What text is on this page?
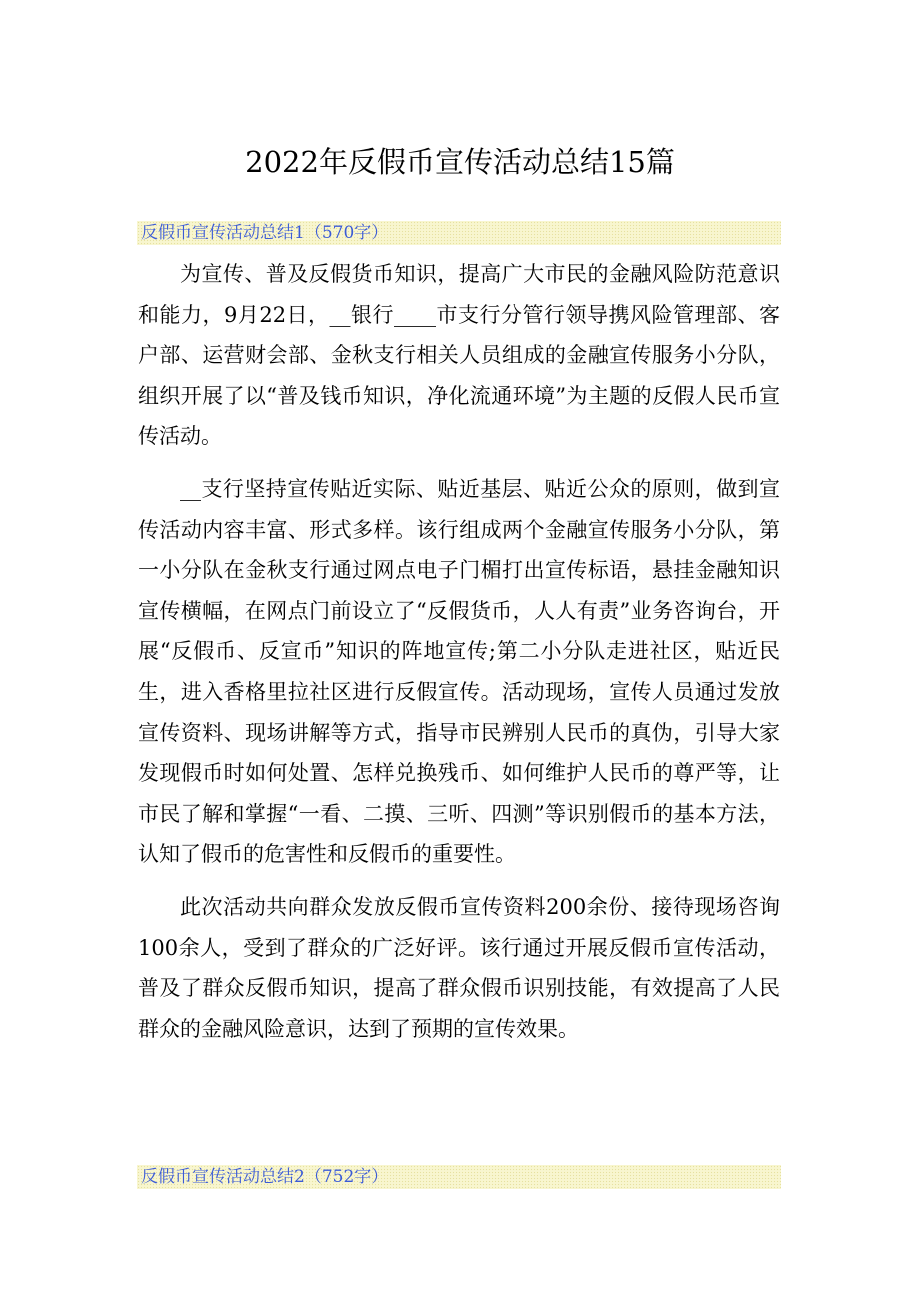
2022年反假币宣传活动总结15篇
反假币宣传活动总结1（570字）

为宣传、普及反假货币知识，提高广大市民的金融风险防范意识和能力，9月22日，__银行____市支行分管行领导携风险管理部、客户部、运营财会部、金秋支行相关人员组成的金融宣传服务小分队，组织开展了以“普及钱币知识，净化流通环境”为主题的反假人民币宣传活动。

__支行坚持宣传贴近实际、贴近基层、贴近公众的原则，做到宣传活动内容丰富、形式多样。该行组成两个金融宣传服务小分队，第一小分队在金秋支行通过网点电子门楣打出宣传标语，悬挂金融知识宣传横幅，在网点门前设立了“反假货币，人人有责”业务咨询台，开展“反假币、反宣币”知识的阵地宣传;第二小分队走进社区，贴近民生，进入香格里拉社区进行反假宣传。活动现场，宣传人员通过发放宣传资料、现场讲解等方式，指导市民辨别人民币的真伪，引导大家发现假币时如何处置、怎样兑换残币、如何维护人民币的尊严等，让市民了解和掌握“一看、二摸、三听、四测”等识别假币的基本方法，认知了假币的危害性和反假币的重要性。

此次活动共向群众发放反假币宣传资料200余份、接待现场咨询100余人，受到了群众的广泛好评。该行通过开展反假币宣传活动，普及了群众反假币知识，提高了群众假币识别技能，有效提高了人民群众的金融风险意识，达到了预期的宣传效果。

反假币宣传活动总结2（752字）
